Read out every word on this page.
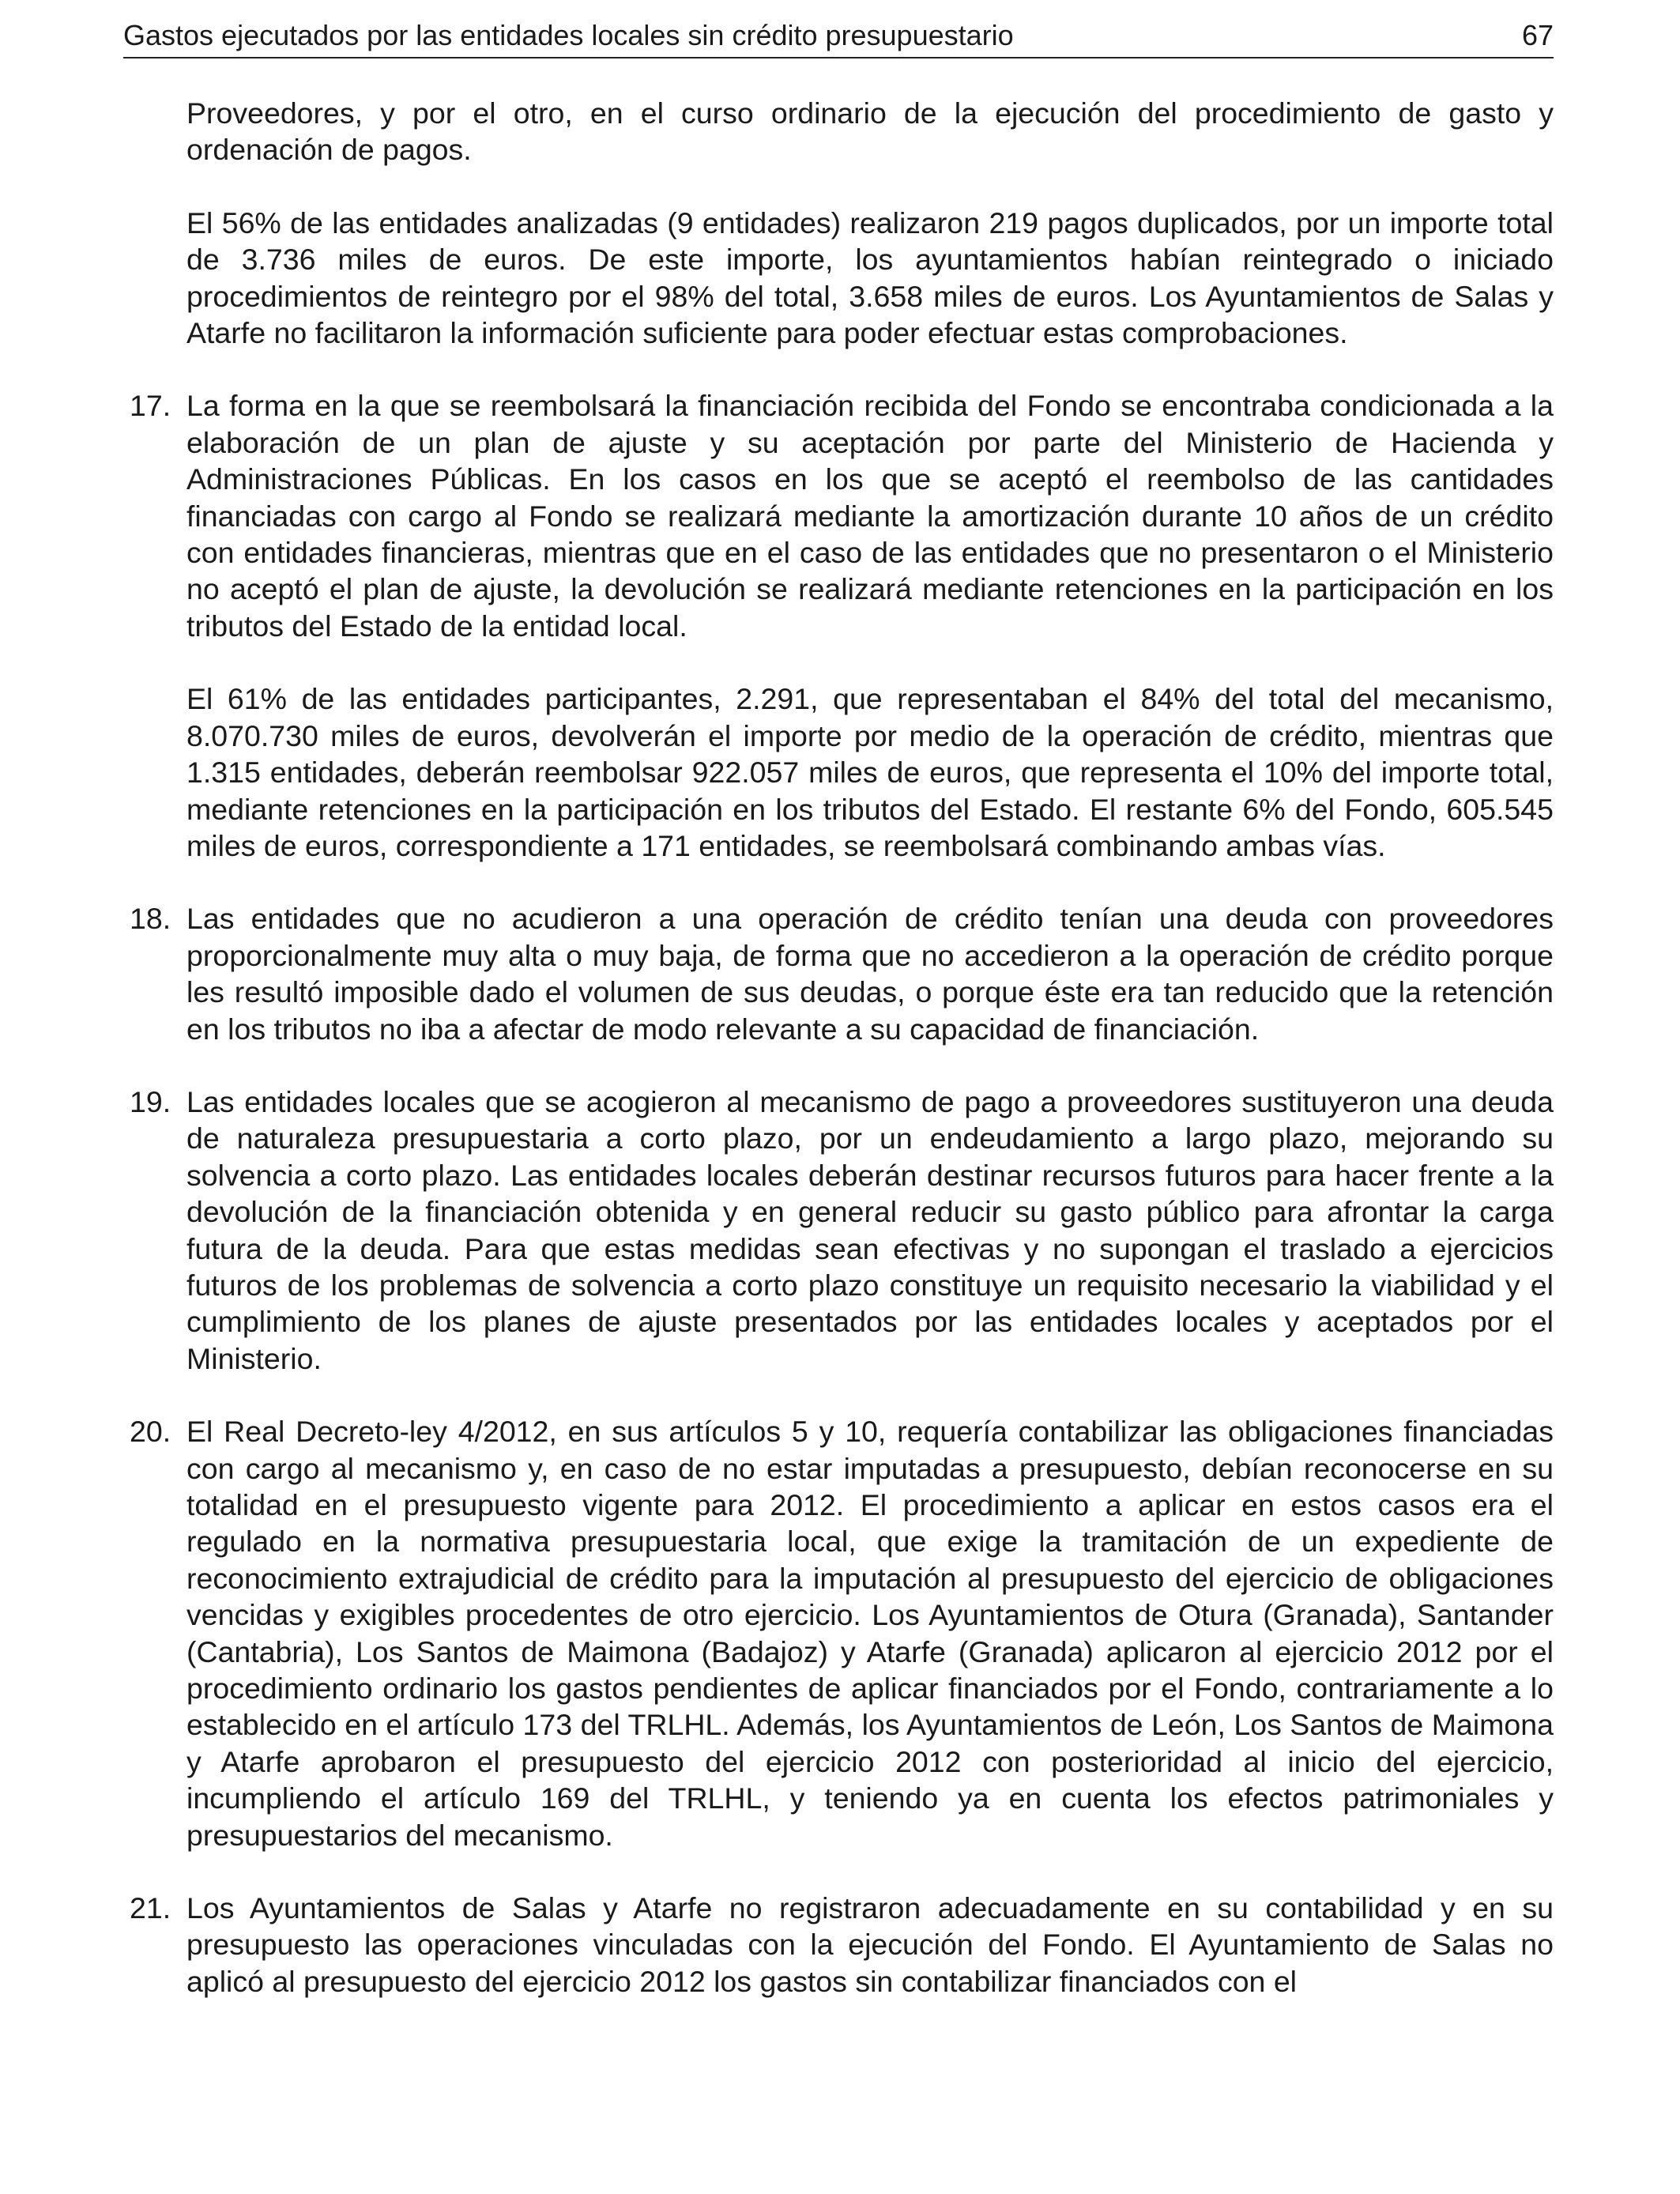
Gastos ejecutados por las entidades locales sin crédito presupuestario	67

Proveedores, y por el otro, en el curso ordinario de la ejecución del procedimiento de gasto y ordenación de pagos.

El 56% de las entidades analizadas (9 entidades) realizaron 219 pagos duplicados, por un importe total de 3.736 miles de euros. De este importe, los ayuntamientos habían reintegrado o iniciado procedimientos de reintegro por el 98% del total, 3.658 miles de euros. Los Ayuntamientos de Salas y Atarfe no facilitaron la información suficiente para poder efectuar estas comprobaciones.

17. La forma en la que se reembolsará la financiación recibida del Fondo se encontraba condicionada a la elaboración de un plan de ajuste y su aceptación por parte del Ministerio de Hacienda y Administraciones Públicas. En los casos en los que se aceptó el reembolso de las cantidades financiadas con cargo al Fondo se realizará mediante la amortización durante 10 años de un crédito con entidades financieras, mientras que en el caso de las entidades que no presentaron o el Ministerio no aceptó el plan de ajuste, la devolución se realizará mediante retenciones en la participación en los tributos del Estado de la entidad local.

El 61% de las entidades participantes, 2.291, que representaban el 84% del total del mecanismo, 8.070.730 miles de euros, devolverán el importe por medio de la operación de crédito, mientras que 1.315 entidades, deberán reembolsar 922.057 miles de euros, que representa el 10% del importe total, mediante retenciones en la participación en los tributos del Estado. El restante 6% del Fondo, 605.545 miles de euros, correspondiente a 171 entidades, se reembolsará combinando ambas vías.

18. Las entidades que no acudieron a una operación de crédito tenían una deuda con proveedores proporcionalmente muy alta o muy baja, de forma que no accedieron a la operación de crédito porque les resultó imposible dado el volumen de sus deudas, o porque éste era tan reducido que la retención en los tributos no iba a afectar de modo relevante a su capacidad de financiación.

19. Las entidades locales que se acogieron al mecanismo de pago a proveedores sustituyeron una deuda de naturaleza presupuestaria a corto plazo, por un endeudamiento a largo plazo, mejorando su solvencia a corto plazo. Las entidades locales deberán destinar recursos futuros para hacer frente a la devolución de la financiación obtenida y en general reducir su gasto público para afrontar la carga futura de la deuda. Para que estas medidas sean efectivas y no supongan el traslado a ejercicios futuros de los problemas de solvencia a corto plazo constituye un requisito necesario la viabilidad y el cumplimiento de los planes de ajuste presentados por las entidades locales y aceptados por el Ministerio.

20. El Real Decreto-ley 4/2012, en sus artículos 5 y 10, requería contabilizar las obligaciones financiadas con cargo al mecanismo y, en caso de no estar imputadas a presupuesto, debían reconocerse en su totalidad en el presupuesto vigente para 2012. El procedimiento a aplicar en estos casos era el regulado en la normativa presupuestaria local, que exige la tramitación de un expediente de reconocimiento extrajudicial de crédito para la imputación al presupuesto del ejercicio de obligaciones vencidas y exigibles procedentes de otro ejercicio. Los Ayuntamientos de Otura (Granada), Santander (Cantabria), Los Santos de Maimona (Badajoz) y Atarfe (Granada) aplicaron al ejercicio 2012 por el procedimiento ordinario los gastos pendientes de aplicar financiados por el Fondo, contrariamente a lo establecido en el artículo 173 del TRLHL. Además, los Ayuntamientos de León, Los Santos de Maimona y Atarfe aprobaron el presupuesto del ejercicio 2012 con posterioridad al inicio del ejercicio, incumpliendo el artículo 169 del TRLHL, y teniendo ya en cuenta los efectos patrimoniales y presupuestarios del mecanismo.

21. Los Ayuntamientos de Salas y Atarfe no registraron adecuadamente en su contabilidad y en su presupuesto las operaciones vinculadas con la ejecución del Fondo. El Ayuntamiento de Salas no aplicó al presupuesto del ejercicio 2012 los gastos sin contabilizar financiados con el
